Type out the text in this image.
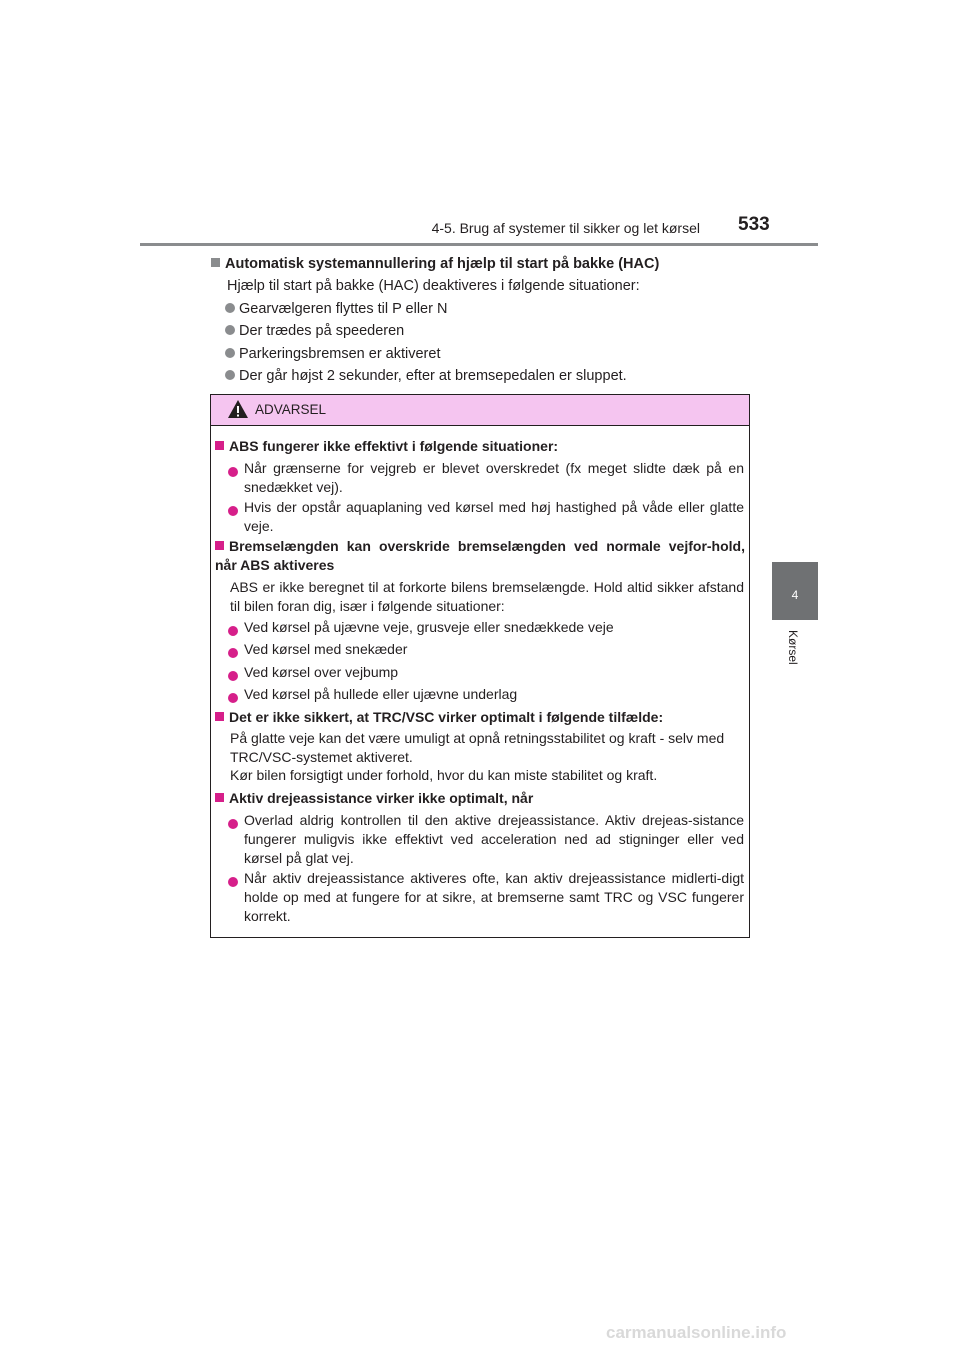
4-5. Brug af systemer til sikker og let kørsel 533
4
Kørsel
Automatisk systemannullering af hjælp til start på bakke (HAC)
Hjælp til start på bakke (HAC) deaktiveres i følgende situationer:
Gearvælgeren flyttes til P eller N
Der trædes på speederen
Parkeringsbremsen er aktiveret
Der går højst 2 sekunder, efter at bremsepedalen er sluppet.
ADVARSEL
ABS fungerer ikke effektivt i følgende situationer:
Når grænserne for vejgreb er blevet overskredet (fx meget slidte dæk på en snedækket vej).
Hvis der opstår aquaplaning ved kørsel med høj hastighed på våde eller glatte veje.
Bremselængden kan overskride bremselængden ved normale vejfor-hold, når ABS aktiveres
ABS er ikke beregnet til at forkorte bilens bremselængde. Hold altid sikker afstand til bilen foran dig, især i følgende situationer:
Ved kørsel på ujævne veje, grusveje eller snedækkede veje
Ved kørsel med snekæder
Ved kørsel over vejbump
Ved kørsel på hullede eller ujævne underlag
Det er ikke sikkert, at TRC/VSC virker optimalt i følgende tilfælde:
På glatte veje kan det være umuligt at opnå retningsstabilitet og kraft - selv med TRC/VSC-systemet aktiveret.
Kør bilen forsigtigt under forhold, hvor du kan miste stabilitet og kraft.
Aktiv drejeassistance virker ikke optimalt, når
Overlad aldrig kontrollen til den aktive drejeassistance. Aktiv drejeas-sistance fungerer muligvis ikke effektivt ved acceleration ned ad stigninger eller ved kørsel på glat vej.
Når aktiv drejeassistance aktiveres ofte, kan aktiv drejeassistance midlerti-digt holde op med at fungere for at sikre, at bremserne samt TRC og VSC fungerer korrekt.
carmanualsonline.info
